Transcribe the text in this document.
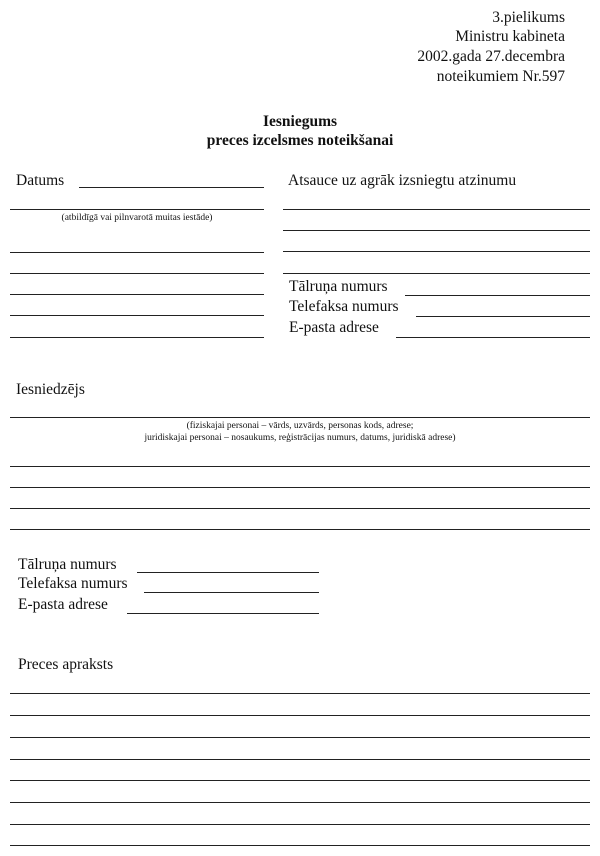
3.pielikums
Ministru kabineta
2002.gada 27.decembra
noteikumiem Nr.597
Iesniegums
preces izcelsmes noteikšanai
Datums
(atbildīgā vai pilnvarotā muitas iestāde)
Atsauce uz agrāk izsniegtu atzinumu
Tālruņa numurs
Telefaksa numurs
E-pasta adrese
Iesniedzējs
(fiziskajai personai – vārds, uzvārds, personas kods, adrese;
juridiskajai personai – nosaukums, reģistrācijas numurs, datums, juridiskā adrese)
Tālruņa numurs
Telefaksa numurs
E-pasta adrese
Preces apraksts
